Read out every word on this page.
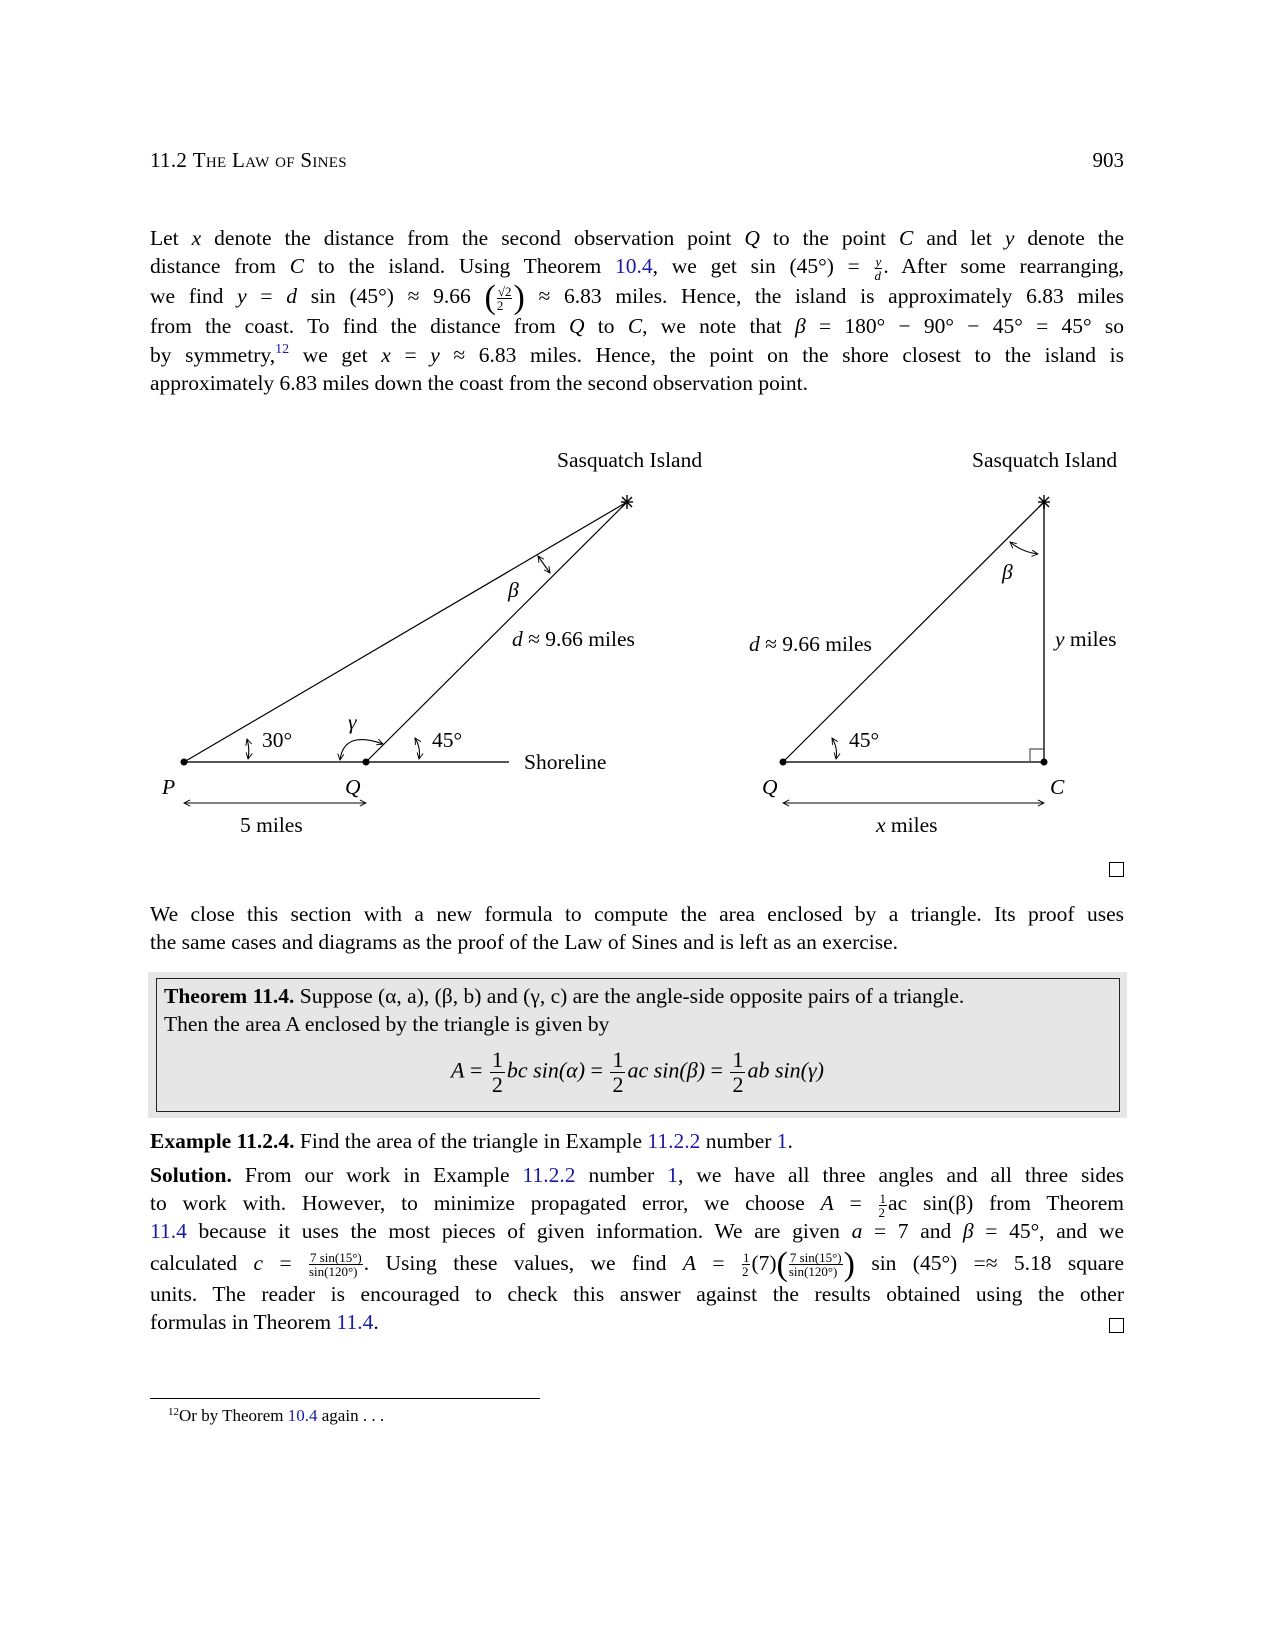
11.2 The Law of Sines	903
Let x denote the distance from the second observation point Q to the point C and let y denote the
distance from C to the island. Using Theorem 10.4, we get $\sin (45^\circ) = \frac{y}{d}$ . After some rearranging,
we find y = d sin (45°) ≈ 9.66 ( $\frac{√2}{2}$ ) ≈ 6.83 miles. Hence, the island is approximately 6.83 miles
from the coast. To find the distance from Q to C, we note that β = 180° − 90° − 45° = 45° so
by symmetry,$^{12}$ we get x = y ≈ 6.83 miles. Hence, the point on the shore closest to the island is
approximately 6.83 miles down the coast from the second observation point.
Sasquatch Island
β
d ≈ 9.66 miles
γ
30°	45°
Shoreline
P	Q
5 miles
Sasquatch Island
β
d ≈ 9.66 miles	y miles
45°
Q	C
x miles
We close this section with a new formula to compute the area enclosed by a triangle. Its proof uses
the same cases and diagrams as the proof of the Law of Sines and is left as an exercise.
Theorem 11.4. Suppose (α, a), (β, b) and (γ, c) are the angle-side opposite pairs of a triangle.
Then the area A enclosed by the triangle is given by
$A = \frac{1}{2}$ bc $\sin(\alpha) = \frac{1}{2}$ ac $\sin(\beta) = \frac{1}{2}$ ab sin(γ)
Example 11.2.4. Find the area of the triangle in Example 11.2.2 number 1.
Solution. From our work in Example 11.2.2 number 1, we have all three angles and all three sides
to work with. However, to minimize propagated error, we choose $A = \frac{1}{2}$ ac sin(β) from Theorem
11.4 because it uses the most pieces of given information. We are given a = 7 and β = 45°, and we
calculated $c = \frac{7 \sin(15^\circ)}{\sin(120^\circ)}$ . Using these values, we find $A = \frac{1}{2} (7)( \frac{7 \sin(15^\circ)}{\sin(120^\circ)}$ ) sin (45°) =≈ 5.18 square
units. The reader is encouraged to check this answer against the results obtained using the other
formulas in Theorem 11.4.
$^{12}$Or by Theorem 10.4 again . . .
